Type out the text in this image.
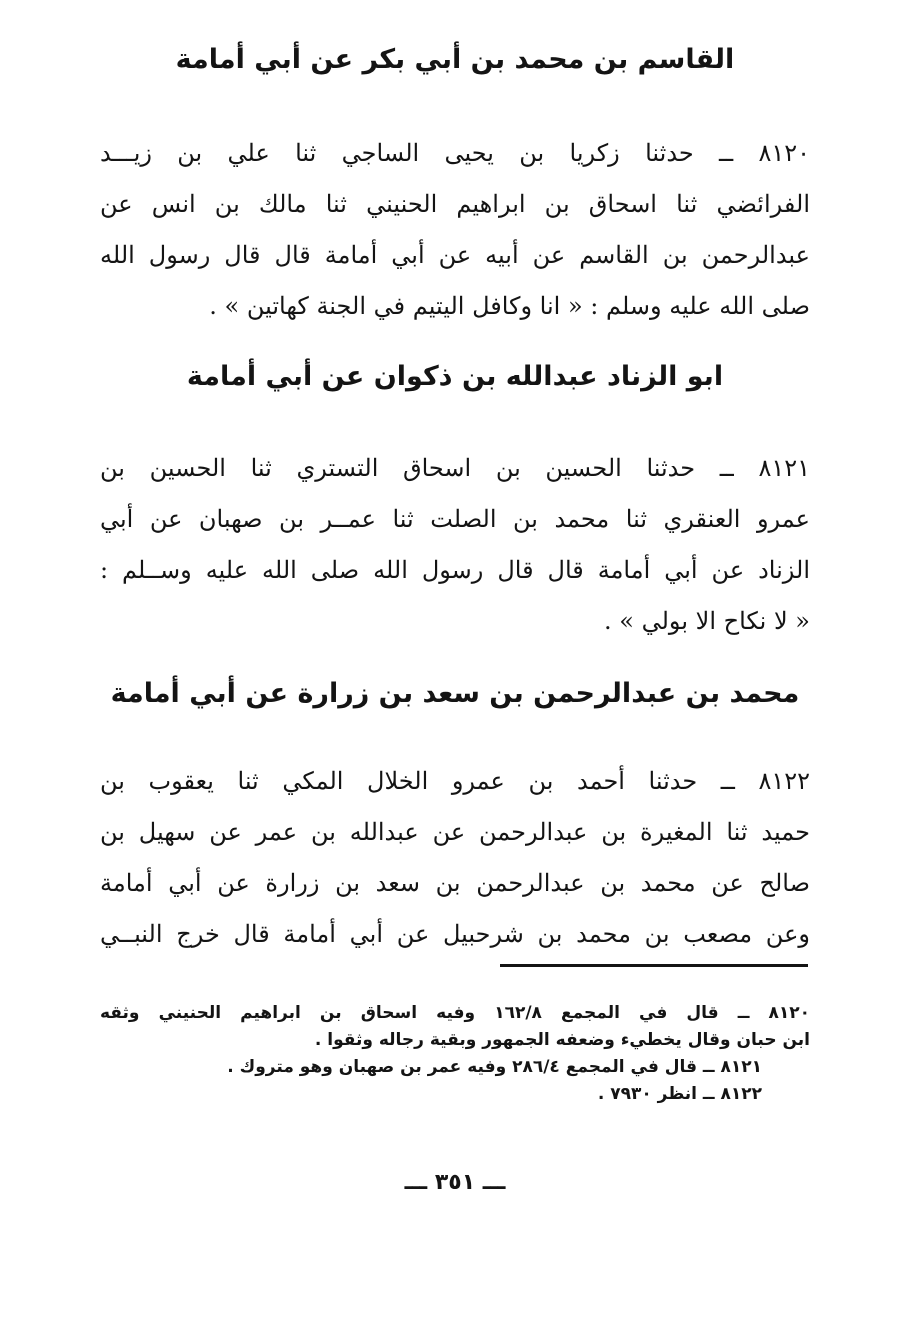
القاسم بن محمد بن أبي بكر عن أبي أمامة
٨١٢٠ ــ حدثنا زكريا بن يحيى الساجي ثنا علي بن زيـــد
الفرائضي ثنا اسحاق بن ابراهيم الحنيني ثنا مالك بن انس عن
عبدالرحمن بن القاسم عن أبيه عن أبي أمامة قال قال رسول الله
صلى الله عليه وسلم : « انا وكافل اليتيم في الجنة كهاتين » .
ابو الزناد عبدالله بن ذكوان عن أبي أمامة
٨١٢١ ــ حدثنا الحسين بن اسحاق التستري ثنا الحسين بن
عمرو العنقري ثنا محمد بن الصلت ثنا عمــر بن صهبان عن أبي
الزناد عن أبي أمامة قال قال رسول الله صلى الله عليه وســلم :
« لا نكاح الا بولي » .
محمد بن عبدالرحمن بن سعد بن زرارة عن أبي أمامة
٨١٢٢ ــ حدثنا أحمد بن عمرو الخلال المكي ثنا يعقوب بن
حميد ثنا المغيرة بن عبدالرحمن عن عبدالله بن عمر عن سهيل بن
صالح عن محمد بن عبدالرحمن بن سعد بن زرارة عن أبي أمامة
وعن مصعب بن محمد بن شرحبيل عن أبي أمامة قال خرج النبــي
٨١٢٠ ــ قال في المجمع ١٦٢/٨ وفيه اسحاق بن ابراهيم الحنيني وثقه
ابن حبان وقال يخطيء وضعفه الجمهور وبقية رجاله وثقوا .
٨١٢١ ــ قال في المجمع ٢٨٦/٤ وفيه عمر بن صهبان وهو متروك .
٨١٢٢ ــ انظر ٧٩٣٠ .
ـــ ٣٥١ ـــ
